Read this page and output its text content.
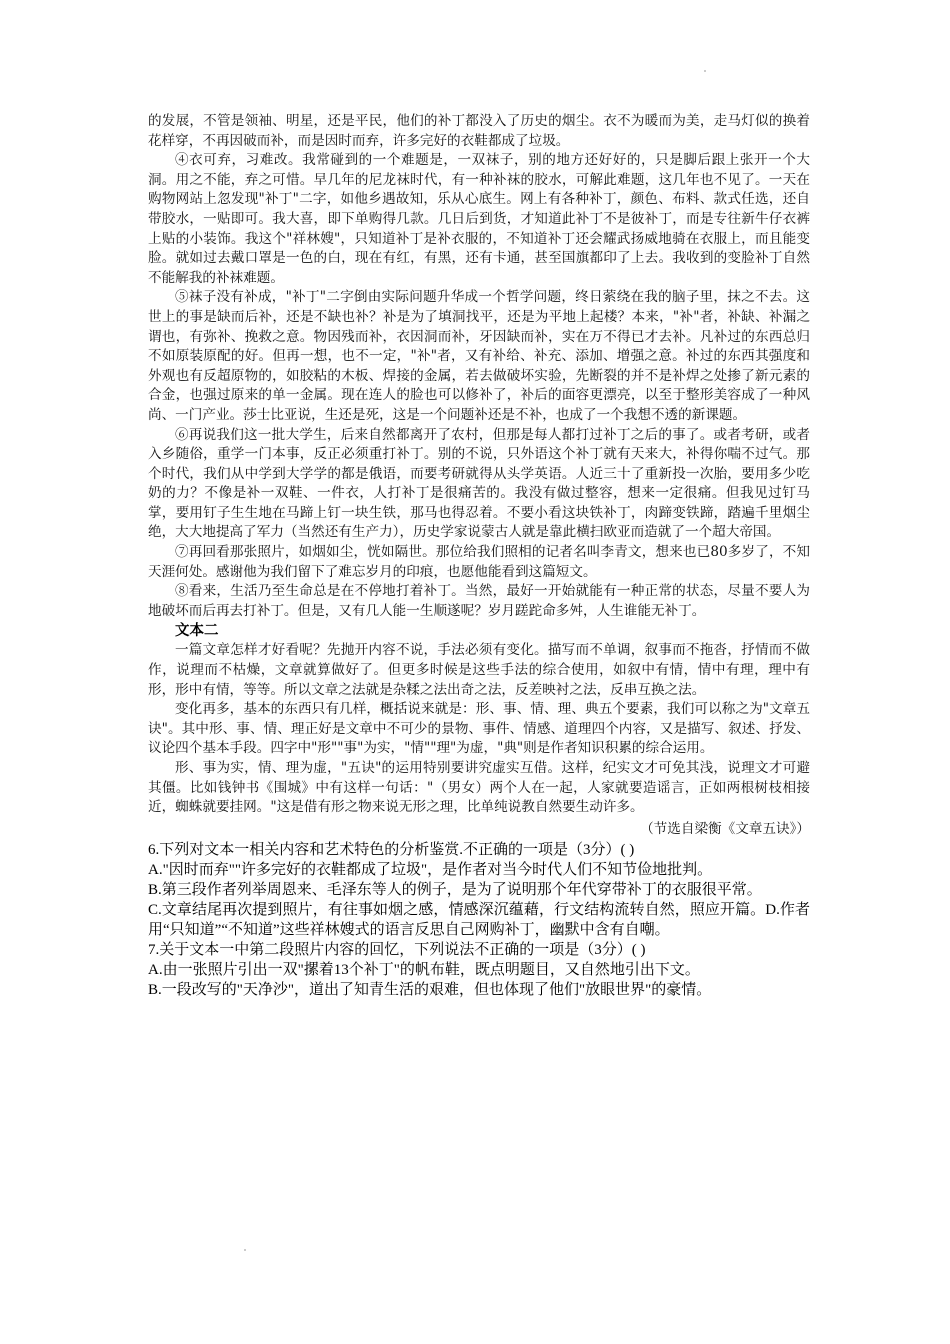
的发展，不管是领袖、明星，还是平民，他们的补丁都没入了历史的烟尘。衣不为暖而为美，走马灯似的换着花样穿，不再因破而补，而是因时而弃，许多完好的衣鞋都成了垃圾。

④衣可弃，习难改。我常碰到的一个难题是，一双袜子，别的地方还好好的，只是脚后跟上张开一个大洞。用之不能，弃之可惜。早几年的尼龙袜时代，有一种补袜的胶水，可解此难题，这几年也不见了。一天在购物网站上忽发现"补丁"二字，如他乡遇故知，乐从心底生。网上有各种补丁，颜色、布料、款式任选，还自带胶水，一贴即可。我大喜，即下单购得几款。几日后到货，才知道此补丁不是彼补丁，而是专往新牛仔衣裤上贴的小装饰。我这个"祥林嫂"，只知道补丁是补衣服的，不知道补丁还会耀武扬威地骑在衣服上，而且能变脸。就如过去戴口罩是一色的白，现在有红，有黑，还有卡通，甚至国旗都印了上去。我收到的变脸补丁自然不能解我的补袜难题。

⑤袜子没有补成，"补丁"二字倒由实际问题升华成一个哲学问题，终日萦绕在我的脑子里，抹之不去。这世上的事是缺而后补，还是不缺也补？补是为了填洞找平，还是为平地上起楼？本来，"补"者，补缺、补漏之谓也，有弥补、挽救之意。物因残而补，衣因洞而补，牙因缺而补，实在万不得已才去补。凡补过的东西总归不如原装原配的好。但再一想，也不一定，"补"者，又有补给、补充、添加、增强之意。补过的东西其强度和外观也有反超原物的，如胶粘的木板、焊接的金属，若去做破坏实验，先断裂的并不是补焊之处掺了新元素的合金，也强过原来的单一金属。现在连人的脸也可以修补了，补后的面容更漂亮，以至于整形美容成了一种风尚、一门产业。莎士比亚说，生还是死，这是一个问题补还是不补，也成了一个我想不透的新课题。

⑥再说我们这一批大学生，后来自然都离开了农村，但那是每人都打过补丁之后的事了。或者考研，或者入乡随俗，重学一门本事，反正必须重打补丁。别的不说，只外语这个补丁就有天来大，补得你喘不过气。那个时代，我们从中学到大学学的都是俄语，而要考研就得从头学英语。人近三十了重新投一次胎，要用多少吃奶的力？不像是补一双鞋、一件衣，人打补丁是很痛苦的。我没有做过整容，想来一定很痛。但我见过钉马掌，要用钉子生生地在马蹄上钉一块生铁，那马也得忍着。不要小看这块铁补丁，肉蹄变铁蹄，踏遍千里烟尘绝，大大地提高了军力（当然还有生产力），历史学家说蒙古人就是靠此横扫欧亚而造就了一个超大帝国。

⑦再回看那张照片，如烟如尘，恍如隔世。那位给我们照相的记者名叫李青文，想来也已80多岁了，不知天涯何处。感谢他为我们留下了难忘岁月的印痕，也愿他能看到这篇短文。

⑧看来，生活乃至生命总是在不停地打着补丁。当然，最好一开始就能有一种正常的状态，尽量不要人为地破坏而后再去打补丁。但是，又有几人能一生顺遂呢？岁月蹉跎命多舛，人生谁能无补丁。

文本二

一篇文章怎样才好看呢？先抛开内容不说，手法必须有变化。描写而不单调，叙事而不拖沓，抒情而不做作，说理而不枯燥，文章就算做好了。但更多时候是这些手法的综合使用，如叙中有情，情中有理，理中有形，形中有情，等等。所以文章之法就是杂糅之法出奇之法，反差映衬之法，反串互换之法。

变化再多，基本的东西只有几样，概括说来就是：形、事、情、理、典五个要素，我们可以称之为"文章五诀"。其中形、事、情、理正好是文章中不可少的景物、事件、情感、道理四个内容，又是描写、叙述、抒发、议论四个基本手段。四字中"形""事"为实，"情""理"为虚，"典"则是作者知识积累的综合运用。

形、事为实，情、理为虚，"五诀"的运用特别要讲究虚实互借。这样，纪实文才可免其浅，说理文才可避其僵。比如钱钟书《围城》中有这样一句话："（男女）两个人在一起，人家就要造谣言，正如两根树枝相接近，蜘蛛就要挂网。"这是借有形之物来说无形之理，比单纯说教自然要生动许多。

（节选自梁衡《文章五诀》）

6.下列对文本一相关内容和艺术特色的分析鉴赏.不正确的一项是（3分）( )

A."因时而弃""许多完好的衣鞋都成了垃圾"，是作者对当今时代人们不知节俭地批判。

B.第三段作者列举周恩来、毛泽东等人的例子，是为了说明那个年代穿带补丁的衣服很平常。

C.文章结尾再次提到照片，有往事如烟之感，情感深沉蕴藉，行文结构流转自然，照应开篇。D.作者用“只知道”“不知道”这些祥林嫂式的语言反思自己网购补丁，幽默中含有自嘲。

7.关于文本一中第二段照片内容的回忆，下列说法不正确的一项是（3分）( )

A.由一张照片引出一双"摞着13个补丁"的帆布鞋，既点明题目，又自然地引出下文。

B.一段改写的"天净沙"，道出了知青生活的艰难，但也体现了他们"放眼世界"的豪情。
